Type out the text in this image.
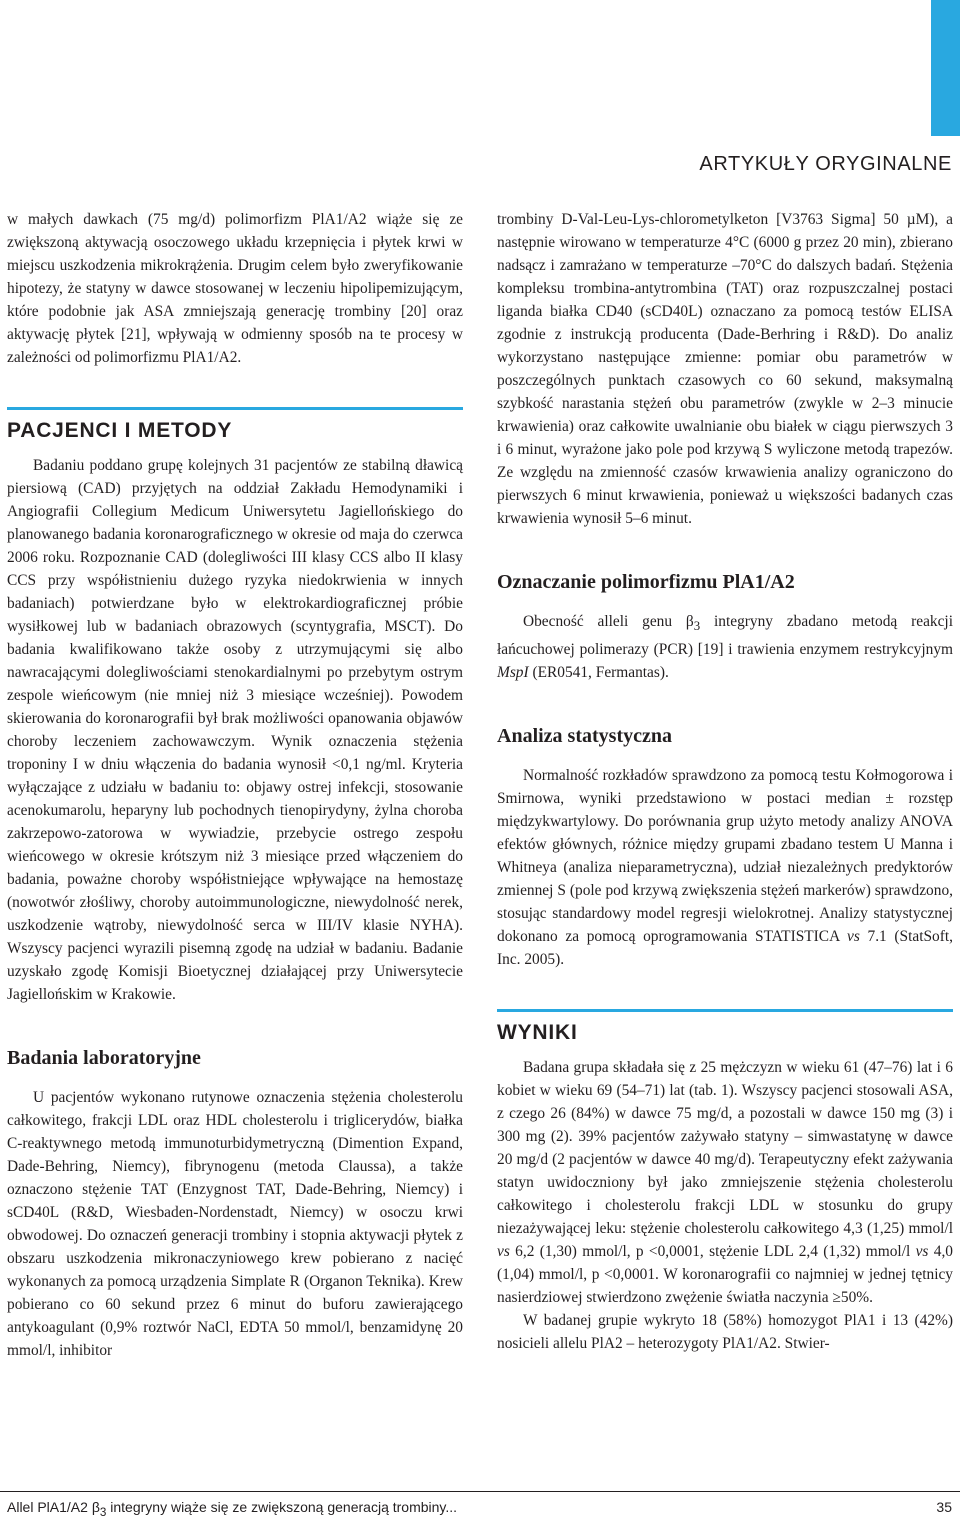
ARTYKUŁY ORYGINALNE

w małych dawkach (75 mg/d) polimorfizm PlA1/A2 wiąże się ze zwiększoną aktywacją osoczowego układu krzepnięcia i płytek krwi w miejscu uszkodzenia mikrokrążenia. Drugim celem było zweryfikowanie hipotezy, że statyny w dawce stosowanej w leczeniu hipolipemizującym, które podobnie jak ASA zmniejszają generację trombiny [20] oraz aktywację płytek [21], wpływają w odmienny sposób na te procesy w zależności od polimorfizmu PlA1/A2.

PACJENCI I METODY

Badaniu poddano grupę kolejnych 31 pacjentów ze stabilną dławicą piersiową (CAD) przyjętych na oddział Zakładu Hemodynamiki i Angiografii Collegium Medicum Uniwersytetu Jagiellońskiego do planowanego badania koronarograficznego w okresie od maja do czerwca 2006 roku. Rozpoznanie CAD (dolegliwości III klasy CCS albo II klasy CCS przy współistnieniu dużego ryzyka niedokrwienia w innych badaniach) potwierdzane było w elektrokardiograficznej próbie wysiłkowej lub w badaniach obrazowych (scyntygrafia, MSCT). Do badania kwalifikowano także osoby z utrzymującymi się albo nawracającymi dolegliwościami stenokardialnymi po przebytym ostrym zespole wieńcowym (nie mniej niż 3 miesiące wcześniej). Powodem skierowania do koronarografii był brak możliwości opanowania objawów choroby leczeniem zachowawczym. Wynik oznaczenia stężenia troponiny I w dniu włączenia do badania wynosił <0,1 ng/ml. Kryteria wyłączające z udziału w badaniu to: objawy ostrej infekcji, stosowanie acenokumarolu, heparyny lub pochodnych tienopirydyny, żylna choroba zakrzepowo-zatorowa w wywiadzie, przebycie ostrego zespołu wieńcowego w okresie krótszym niż 3 miesiące przed włączeniem do badania, poważne choroby współistniejące wpływające na hemostazę (nowotwór złośliwy, choroby autoimmunologiczne, niewydolność nerek, uszkodzenie wątroby, niewydolność serca w III/IV klasie NYHA). Wszyscy pacjenci wyrazili pisemną zgodę na udział w badaniu. Badanie uzyskało zgodę Komisji Bioetycznej działającej przy Uniwersytecie Jagiellońskim w Krakowie.

Badania laboratoryjne

U pacjentów wykonano rutynowe oznaczenia stężenia cholesterolu całkowitego, frakcji LDL oraz HDL cholesterolu i triglicerydów, białka C-reaktywnego metodą immunoturbidymetryczną (Dimention Expand, Dade-Behring, Niemcy), fibrynogenu (metoda Claussa), a także oznaczono stężenie TAT (Enzygnost TAT, Dade-Behring, Niemcy) i sCD40L (R&D, Wiesbaden-Nordenstadt, Niemcy) w osoczu krwi obwodowej. Do oznaczeń generacji trombiny i stopnia aktywacji płytek z obszaru uszkodzenia mikronaczyniowego krew pobierano z nacięć wykonanych za pomocą urządzenia Simplate R (Organon Teknika). Krew pobierano co 60 sekund przez 6 minut do buforu zawierającego antykoagulant (0,9% roztwór NaCl, EDTA 50 mmol/l, benzamidynę 20 mmol/l, inhibitor

trombiny D-Val-Leu-Lys-chlorometylketon [V3763 Sigma] 50 µM), a następnie wirowano w temperaturze 4°C (6000 g przez 20 min), zbierano nadsącz i zamrażano w temperaturze –70°C do dalszych badań. Stężenia kompleksu trombina-antytrombina (TAT) oraz rozpuszczalnej postaci liganda białka CD40 (sCD40L) oznaczano za pomocą testów ELISA zgodnie z instrukcją producenta (Dade-Berhring i R&D). Do analiz wykorzystano następujące zmienne: pomiar obu parametrów w poszczególnych punktach czasowych co 60 sekund, maksymalną szybkość narastania stężeń obu parametrów (zwykle w 2–3 minucie krwawienia) oraz całkowite uwalnianie obu białek w ciągu pierwszych 3 i 6 minut, wyrażone jako pole pod krzywą S wyliczone metodą trapezów. Ze względu na zmienność czasów krwawienia analizy ograniczono do pierwszych 6 minut krwawienia, ponieważ u większości badanych czas krwawienia wynosił 5–6 minut.

Oznaczanie polimorfizmu PlA1/A2

Obecność alleli genu $\beta_3$ integryny zbadano metodą reakcji łańcuchowej polimerazy (PCR) [19] i trawienia enzymem restrykcyjnym MspI (ER0541, Fermantas).

Analiza statystyczna

Normalność rozkładów sprawdzono za pomocą testu Kołmogorowa i Smirnowa, wyniki przedstawiono w postaci median ± rozstęp międzykwartylowy. Do porównania grup użyto metody analizy ANOVA efektów głównych, różnice między grupami zbadano testem U Manna i Whitneya (analiza nieparametryczna), udział niezależnych predyktorów zmiennej S (pole pod krzywą zwiększenia stężeń markerów) sprawdzono, stosując standardowy model regresji wielokrotnej. Analizy statystycznej dokonano za pomocą oprogramowania STATISTICA vs 7.1 (StatSoft, Inc. 2005).

WYNIKI

Badana grupa składała się z 25 mężczyzn w wieku 61 (47–76) lat i 6 kobiet w wieku 69 (54–71) lat (tab. 1). Wszyscy pacjenci stosowali ASA, z czego 26 (84%) w dawce 75 mg/d, a pozostali w dawce 150 mg (3) i 300 mg (2). 39% pacjentów zażywało statyny – simwastatynę w dawce 20 mg/d (2 pacjentów w dawce 40 mg/d). Terapeutyczny efekt zażywania statyn uwidoczniony był jako zmniejszenie stężenia cholesterolu całkowitego i cholesterolu frakcji LDL w stosunku do grupy niezażywającej leku: stężenie cholesterolu całkowitego 4,3 (1,25) mmol/l vs 6,2 (1,30) mmol/l, p <0,0001, stężenie LDL 2,4 (1,32) mmol/l vs 4,0 (1,04) mmol/l, p <0,0001. W koronarografii co najmniej w jednej tętnicy nasierdziowej stwierdzono zwężenie światła naczynia ≥50%.

W badanej grupie wykryto 18 (58%) homozygot PlA1 i 13 (42%) nosicieli allelu PlA2 – heterozygoty PlA1/A2. Stwier-

Allel PlA1/A2 $\beta_3$ integryny wiąże się ze zwiększoną generacją trombiny...	35
